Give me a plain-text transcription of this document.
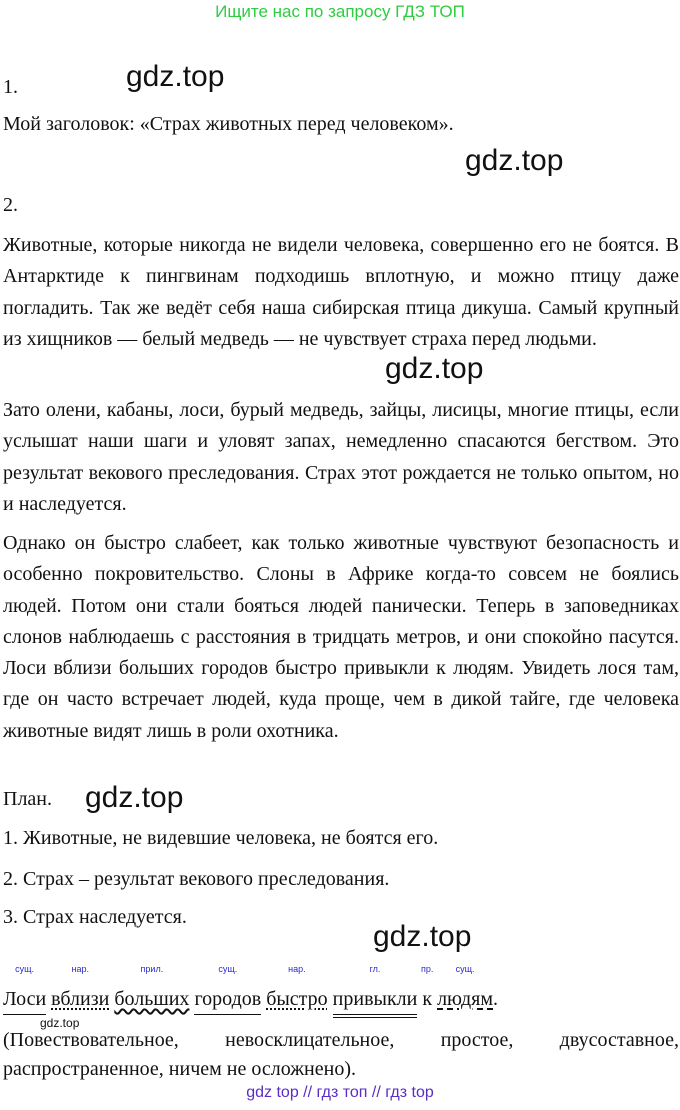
Ищите нас по запросу ГДЗ ТОП
1.	gdz.top
Мой заголовок: «Страх животных перед человеком».
gdz.top
2.
Животные, которые никогда не видели человека, совершенно его не боятся. В Антарктиде к пингвинам подходишь вплотную, и можно птицу даже погладить. Так же ведёт себя наша сибирская птица дикуша. Самый крупный из хищников — белый медведь — не чувствует страха перед людьми.
gdz.top
Зато олени, кабаны, лоси, бурый медведь, зайцы, лисицы, многие птицы, если услышат наши шаги и уловят запах, немедленно спасаются бегством. Это результат векового преследования. Страх этот рождается не только опытом, но и наследуется.
Однако он быстро слабеет, как только животные чувствуют безопасность и особенно покровительство. Слоны в Африке когда-то совсем не боялись людей. Потом они стали бояться людей панически. Теперь в заповедниках слонов наблюдаешь с расстояния в тридцать метров, и они спокойно пасутся. Лоси вблизи больших городов быстро привыкли к людям. Увидеть лося там, где он часто встречает людей, куда проще, чем в дикой тайге, где человека животные видят лишь в роли охотника.
План. gdz.top
1. Животные, не видевшие человека, не боятся его.
2. Страх – результат векового преследования.
3. Страх наследуется.
gdz.top
сущ.
Лоси
нар.
вблизи
прил.
больших
сущ.
городов
нар.
быстро
гл.
привыкли
пр.
к
сущ.
людям.
gdz.top
(Повествовательное, невосклицательное, простое, двусоставное,
распространенное, ничем не осложнено).
gdz top // гдз топ // гдз top
